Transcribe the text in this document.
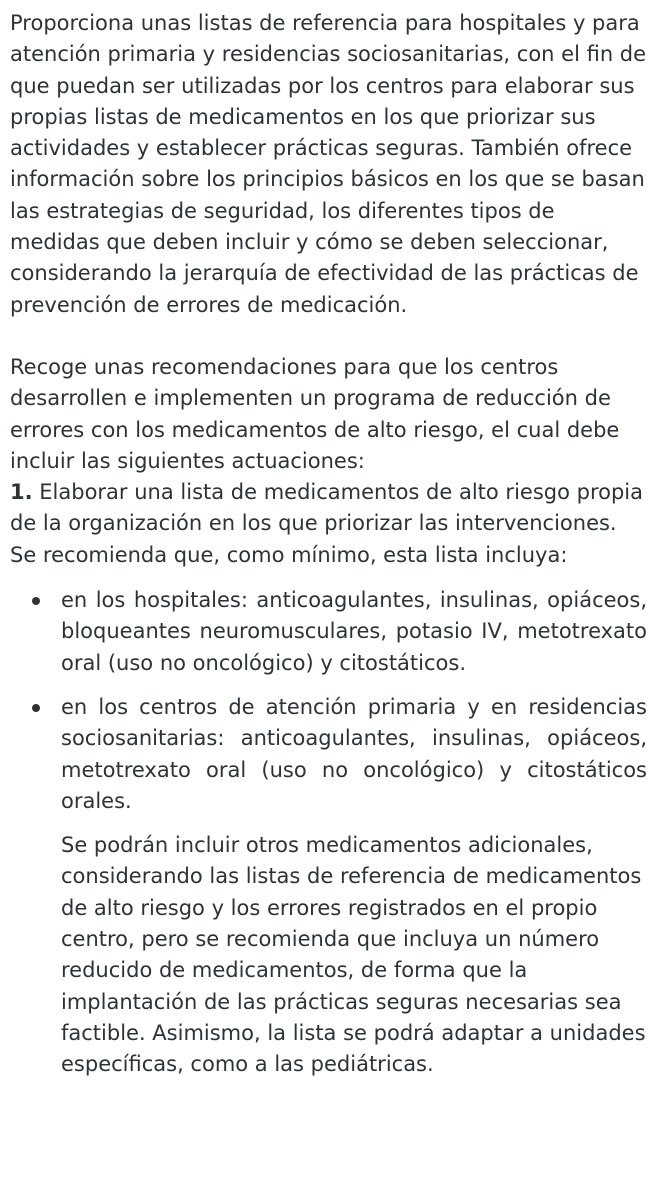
Proporciona unas listas de referencia para hospitales y para atención primaria y residencias sociosanitarias, con el fin de que puedan ser utilizadas por los centros para elaborar sus propias listas de medicamentos en los que priorizar sus actividades y establecer prácticas seguras. También ofrece información sobre los principios básicos en los que se basan las estrategias de seguridad, los diferentes tipos de medidas que deben incluir y cómo se deben seleccionar, considerando la jerarquía de efectividad de las prácticas de prevención de errores de medicación.

Recoge unas recomendaciones para que los centros desarrollen e implementen un programa de reducción de errores con los medicamentos de alto riesgo, el cual debe incluir las siguientes actuaciones:

1. Elaborar una lista de medicamentos de alto riesgo propia de la organización en los que priorizar las intervenciones. Se recomienda que, como mínimo, esta lista incluya:

en los hospitales: anticoagulantes, insulinas, opiáceos, bloqueantes neuromusculares, potasio IV, metotrexato oral (uso no oncológico) y citostáticos.
en los centros de atención primaria y en residencias sociosanitarias: anticoagulantes, insulinas, opiáceos, metotrexato oral (uso no oncológico) y citostáticos orales.

Se podrán incluir otros medicamentos adicionales, considerando las listas de referencia de medicamentos de alto riesgo y los errores registrados en el propio centro, pero se recomienda que incluya un número reducido de medicamentos, de forma que la implantación de las prácticas seguras necesarias sea factible. Asimismo, la lista se podrá adaptar a unidades específicas, como a las pediátricas.
